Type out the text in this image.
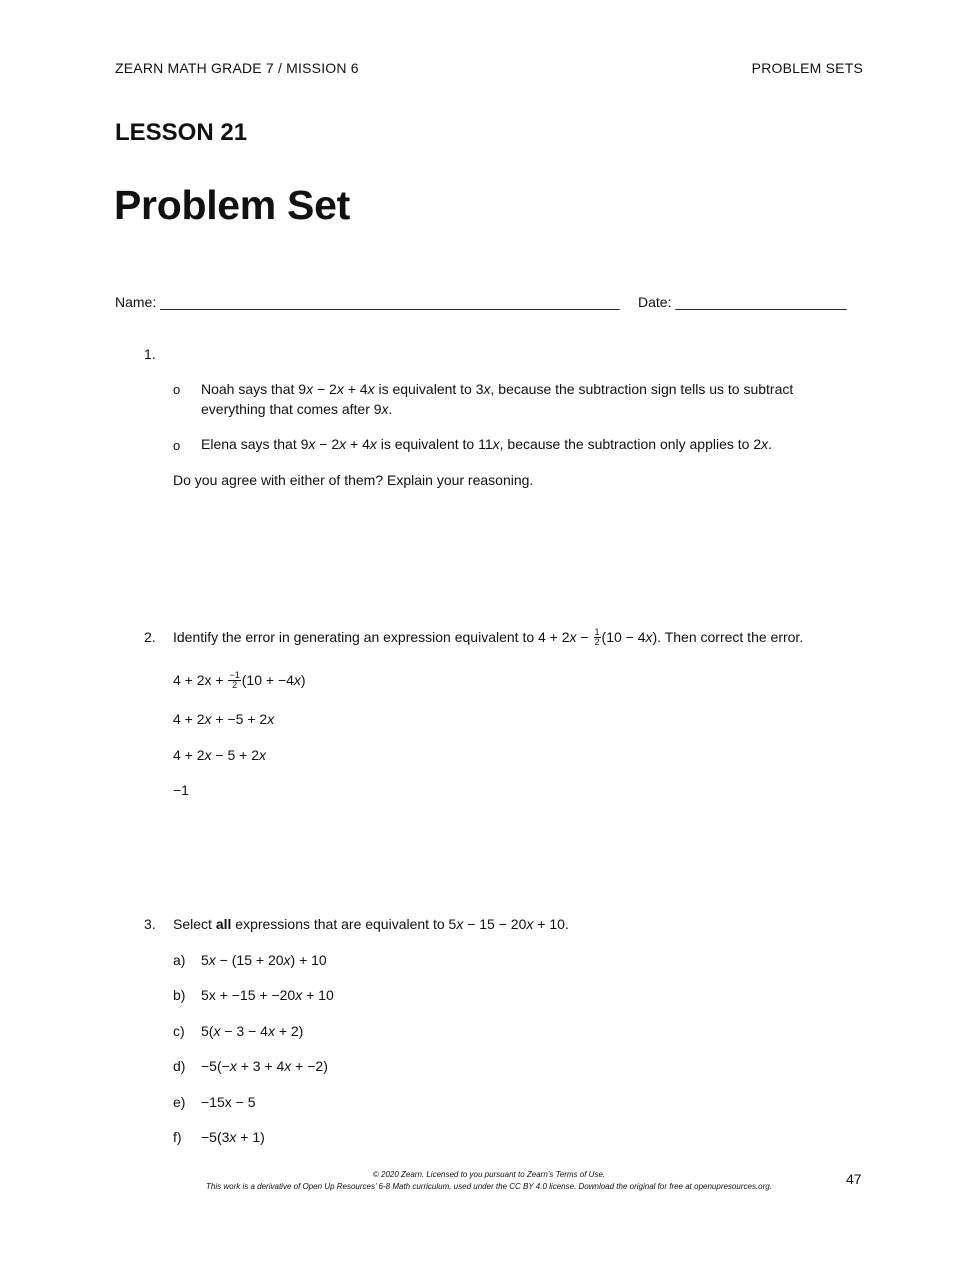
ZEARN MATH GRADE 7 / MISSION 6	PROBLEM SETS
LESSON 21
Problem Set
Name: ___________________________________________________________ Date: ______________________
1.
o Noah says that 9x − 2x + 4x is equivalent to 3x, because the subtraction sign tells us to subtract
everything that comes after 9x.
o Elena says that 9x − 2x + 4x is equivalent to 11x, because the subtraction only applies to 2x.
Do you agree with either of them? Explain your reasoning.
2. Identify the error in generating an expression equivalent to $4 + 2x - \frac{1}{2} (10 - 4x)$. Then correct the error.
$4 + 2x + \frac{-1}{2} (10 + -4x)$
4 + 2x + −5 + 2x
4 + 2x − 5 + 2x
−1
3. Select all expressions that are equivalent to 5x − 15 − 20x + 10.
a) 5x − (15 + 20x) + 10
b) 5x + −15 + −20x + 10
c) 5(x − 3 − 4x + 2)
d) −5(−x + 3 + 4x + −2)
e) −15x − 5
f) −5(3x + 1)
© 2020 Zearn. Licensed to you pursuant to Zearn’s Terms of Use.
This work is a derivative of Open Up Resources’ 6-8 Math curriculum, used under the CC BY 4.0 license. Download the original for free at openupresources.org.	47
